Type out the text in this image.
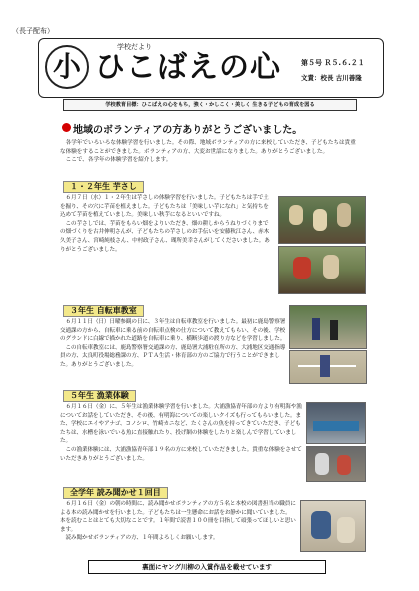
（長子配布）
小
学校だより
ひこばえの心	第５号 Ｒ５.６.２１
文責：校長 古川善隆
学校教育目標：ひこばえの心をもち，強く・かしこく・美しく 生きる子どもの育成を図る
地域のボランティアの方ありがとうございました。
　各学年でいろいろな体験学習を行いました。その際、地域ボランティアの方に来校していただき、子どもたちは貴重な体験をすることができました。ボランティアの方、大変お世話になりました。ありがとうございました。
　ここで、各学年の体験学習を紹介します。
１・２年生 芋さし
　６月７日（水）１・２年生は芋さしの体験学習を行いました。子どもたちは手で土を掘り、その穴に芋苗を植えました。子どもたちは「美味しい芋になれ」と気持ちを込めて芋苗を植えていました。美味しい秋芋になるといいですね。
　この芋さしでは、芋苗をもらい畑をよりいただき、畑の耕しからうねりづくりまでの畑づくりを古井伸明さんが、子どもたちの芋さしのお手伝いを安藤秋江さん、赤木久美子さん、宮崎純枝さん、中村政子さん、瑚所美幸さんがしてくださいました。ありがとうございました。
３年生 自転車教室
　６月１１日（日）日曜参観の日に、３年生は自転車教室を行いました。最初に鹿島警察署交通課の方から、自転車に乗る前の自転車点検の仕方について教えてもらい、その後、学校のグランドに白線で描かれた道路を自転車に乗り、横断歩道の渡り方などを学習しました。
　この自転車教室には、鹿島警察署交通課の方、鹿島署大浦駐在所の方、大浦地区交通指導員の方、太良町役場総務課の方、ＰＴＡ生活・体育部の方のご協力で行うことができました。ありがとうございました。
５年生 漁業体験
　６月１６日（金）に、５年生は漁業体験学習を行いました。大浦漁協青年部の方より有明海や漁についてお話をしていただき、その後、有明海についての楽しいクイズも行ってもらいました。また、学校にエイやアナゴ、コノシロ、竹崎カニなど、たくさんの魚を持ってきていただき、子どもたちは、水槽を泳いでいる魚に直接触れたり、投げ網の体験をしたりと楽しんで学習していました。
　この漁業体験には、大浦漁協青年部１９名の方に来校していただきました。貴重な体験をさせていただきありがとうございました。
全学年 読み聞かせ１回目
　６月１６日（金）の朝の時間に、読み聞かせボランティアの方５名と本校の図書担当の職員による本の読み聞かせを行いました。子どもたちは一生懸命にお話をお静かに聞いていました。本を読むことはとても大切なことです。１年間で読書１００冊を目指して頑張ってほしいと思います。
　読み聞かせボランティアの方、１年間よろしくお願いします。
裏面にヤング川柳の入賞作品を載せています
